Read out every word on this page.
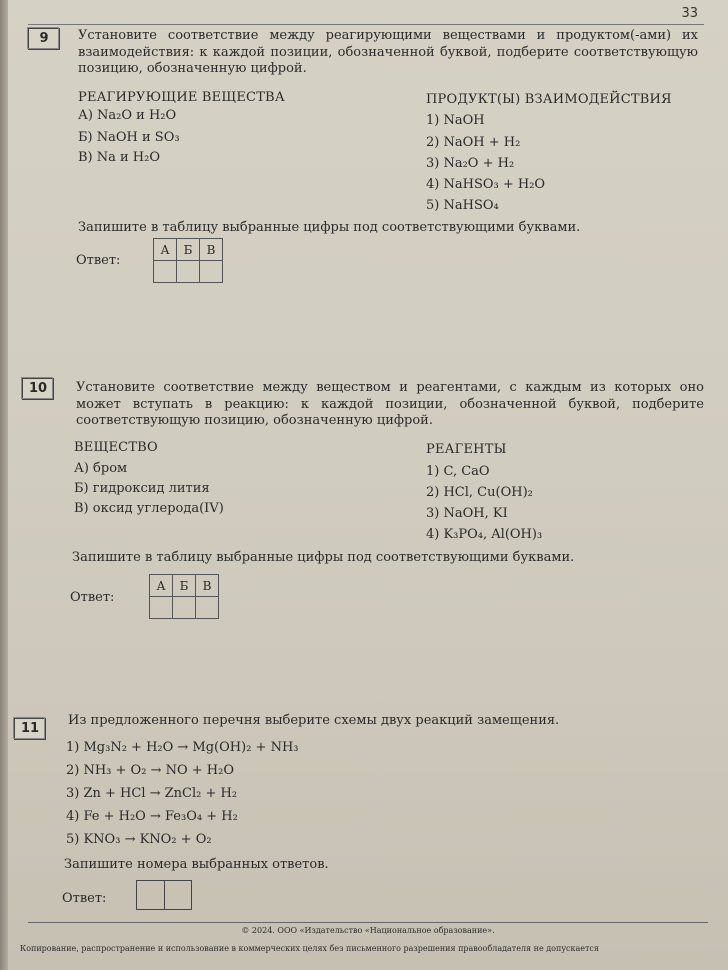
33
9	Установите соответствие между реагирующими веществами и продуктом(-ами) их взаимодействия: к каждой позиции, обозначенной буквой, подберите соответствующую позицию, обозначенную цифрой.
РЕАГИРУЮЩИЕ ВЕЩЕСТВА	ПРОДУКТ(Ы) ВЗАИМОДЕЙСТВИЯ
А) Na₂O и H₂O
Б) NaOH и SO₃
В) Na и H₂O
1) NaOH
2) NaOH + H₂
3) Na₂O + H₂
4) NaHSO₃ + H₂O
5) NaHSO₄
Запишите в таблицу выбранные цифры под соответствующими буквами.
Ответ:
А	Б	В

10	Установите соответствие между веществом и реагентами, с каждым из которых оно может вступать в реакцию: к каждой позиции, обозначенной буквой, подберите соответствующую позицию, обозначенную цифрой.
ВЕЩЕСТВО	РЕАГЕНТЫ
А) бром
Б) гидроксид лития
В) оксид углерода(IV)
1) C, CaO
2) HCl, Cu(OH)₂
3) NaOH, KI
4) K₃PO₄, Al(OH)₃
Запишите в таблицу выбранные цифры под соответствующими буквами.
Ответ:
А	Б	В

11
Из предложенного перечня выберите схемы двух реакций замещения.
1) Mg₃N₂ + H₂O → Mg(OH)₂ + NH₃
2) NH₃ + O₂ → NO + H₂O
3) Zn + HCl → ZnCl₂ + H₂
4) Fe + H₂O → Fe₃O₄ + H₂
5) KNO₃ → KNO₂ + O₂
Запишите номера выбранных ответов.
Ответ:
© 2024. ООО «Издательство «Национальное образование».
Копирование, распространение и использование в коммерческих целях без письменного разрешения правообладателя не допускается
